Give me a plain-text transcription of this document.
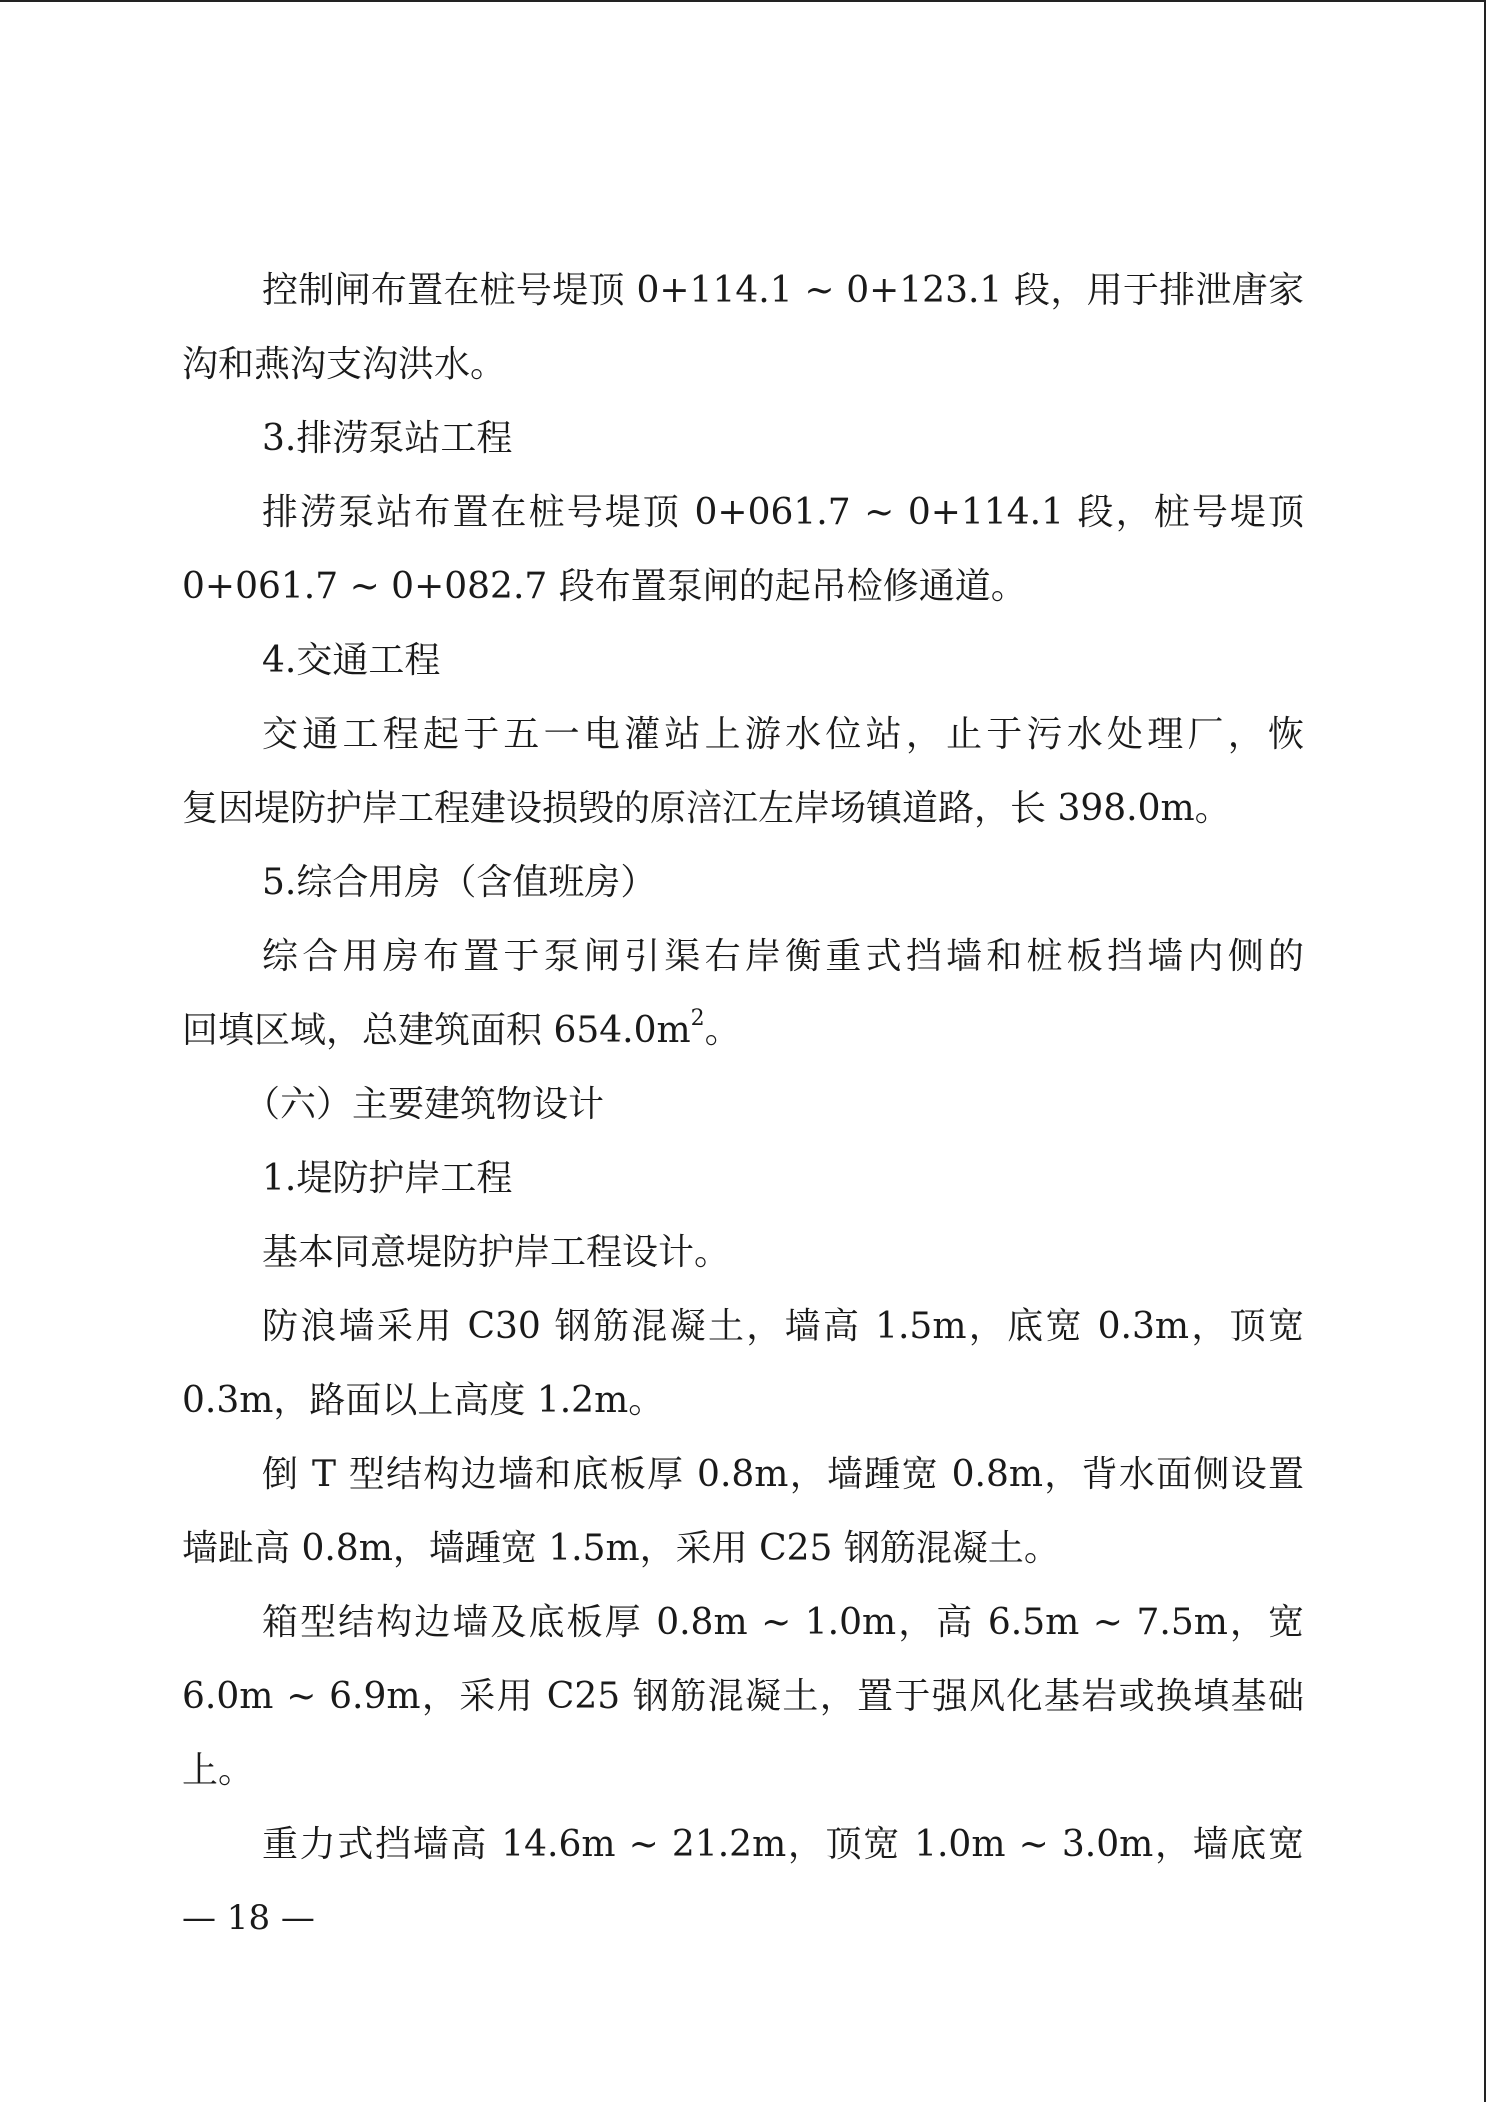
控制闸布置在桩号堤顶 0+114.1 ~ 0+123.1 段，用于排泄唐家
沟和燕沟支沟洪水。
3.排涝泵站工程
排涝泵站布置在桩号堤顶 0+061.7 ~ 0+114.1 段，桩号堤顶
0+061.7 ~ 0+082.7 段布置泵闸的起吊检修通道。
4.交通工程
交通工程起于五一电灌站上游水位站，止于污水处理厂，恢
复因堤防护岸工程建设损毁的原涪江左岸场镇道路，长 398.0m。
5.综合用房（含值班房）
综合用房布置于泵闸引渠右岸衡重式挡墙和桩板挡墙内侧的
回填区域，总建筑面积 $654.0m^2$。
（六）主要建筑物设计
1.堤防护岸工程
基本同意堤防护岸工程设计。
防浪墙采用 C30 钢筋混凝土，墙高 1.5m，底宽 0.3m，顶宽
0.3m，路面以上高度 1.2m。
倒 T 型结构边墙和底板厚 0.8m，墙踵宽 0.8m，背水面侧设置
墙趾高 0.8m，墙踵宽 1.5m，采用 C25 钢筋混凝土。
箱型结构边墙及底板厚 0.8m ~ 1.0m，高 6.5m ~ 7.5m，宽
6.0m ~ 6.9m，采用 C25 钢筋混凝土，置于强风化基岩或换填基础
上。
重力式挡墙高 14.6m ~ 21.2m，顶宽 1.0m ~ 3.0m，墙底宽
— 18 —
